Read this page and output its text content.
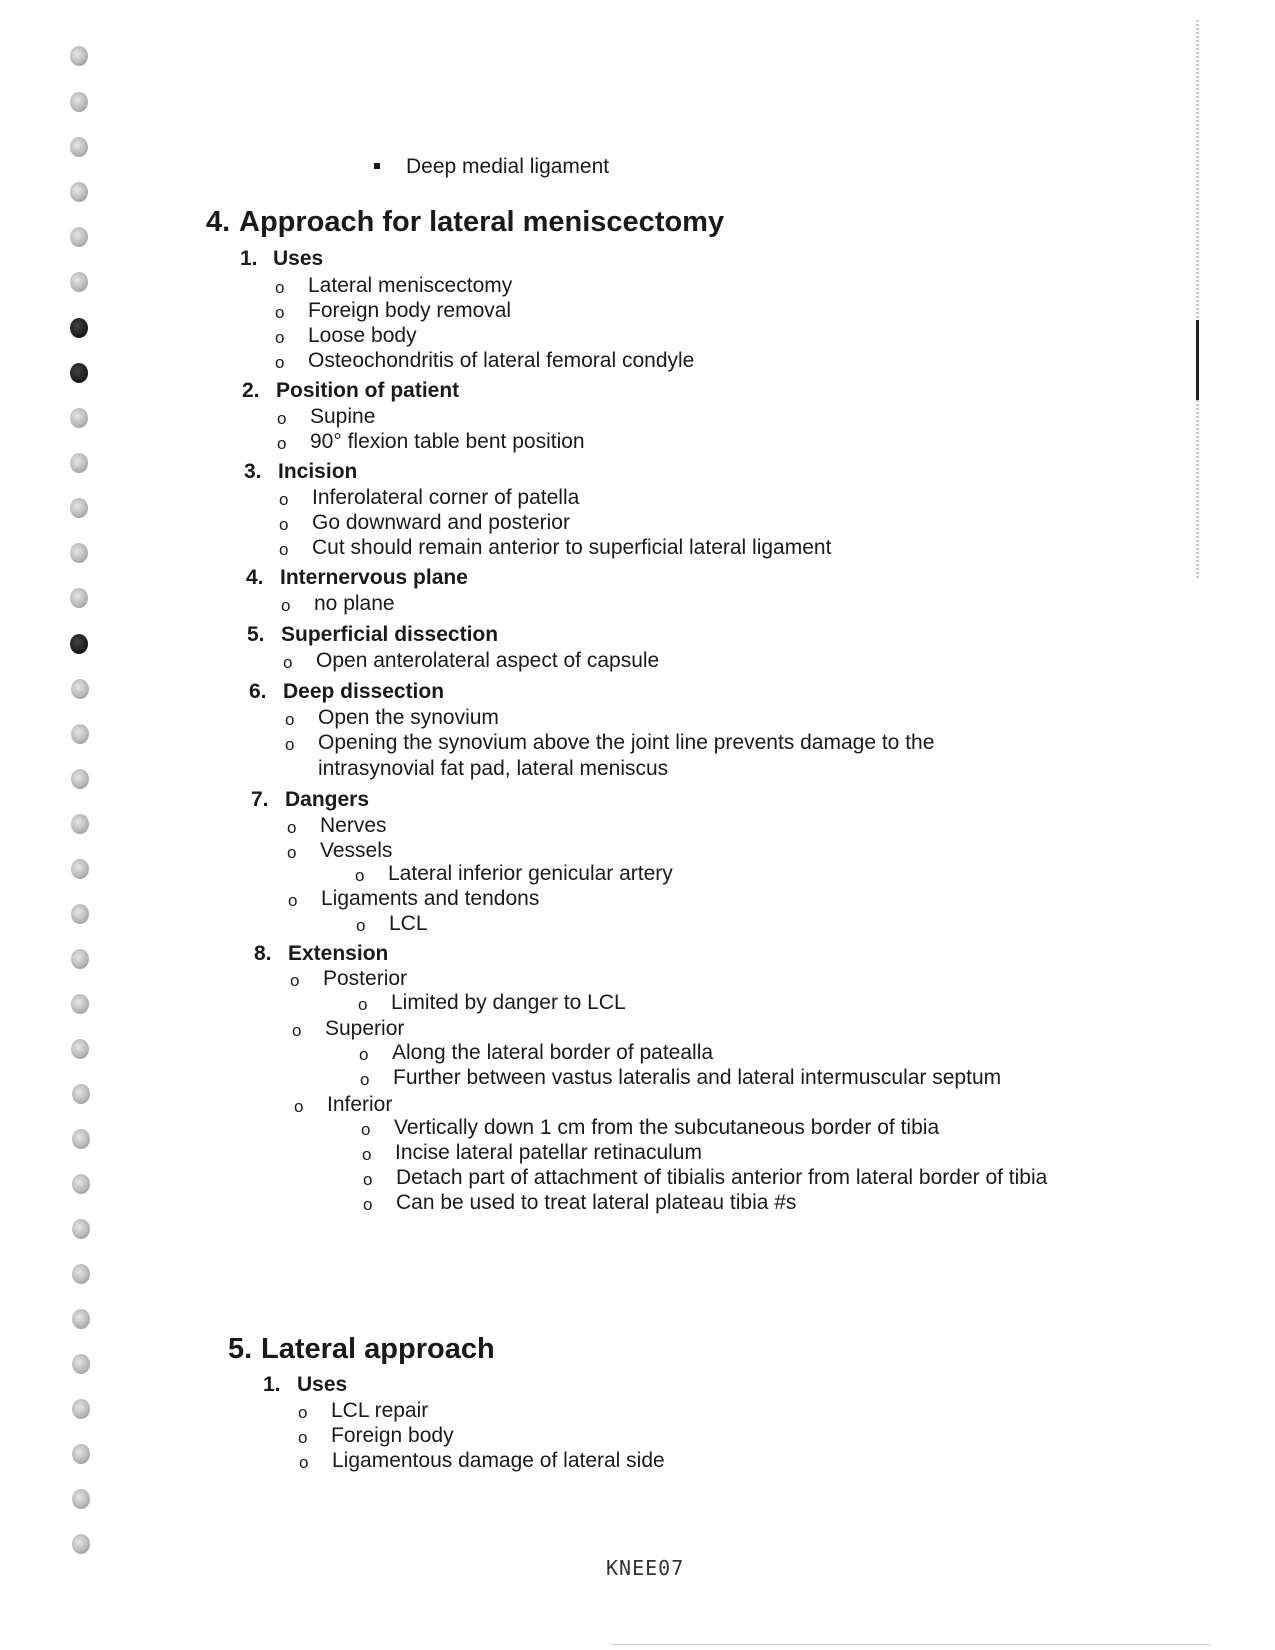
Deep medial ligament
4. Approach for lateral meniscectomy
1. Uses
o Lateral meniscectomy
o Foreign body removal
o Loose body
o Osteochondritis of lateral femoral condyle
2. Position of patient
o Supine
o 90° flexion table bent position
3. Incision
o Inferolateral corner of patella
o Go downward and posterior
o Cut should remain anterior to superficial lateral ligament
4. Internervous plane
o no plane
5. Superficial dissection
o Open anterolateral aspect of capsule
6. Deep dissection
o Open the synovium
o Opening the synovium above the joint line prevents damage to the
intrasynovial fat pad, lateral meniscus
7. Dangers
o Nerves
o Vessels
o Lateral inferior genicular artery
o Ligaments and tendons
o LCL
8. Extension
o Posterior
o Limited by danger to LCL
o Superior
o Along the lateral border of pateallа
o Further between vastus lateralis and lateral intermuscular septum
o Inferior
o Vertically down 1 cm from the subcutaneous border of tibia
o Incise lateral patellar retinaculum
o Detach part of attachment of tibialis anterior from lateral border of tibia
o Can be used to treat lateral plateau tibia #s
5. Lateral approach
1. Uses
o LCL repair
o Foreign body
o Ligamentous damage of lateral side
KNEE07
